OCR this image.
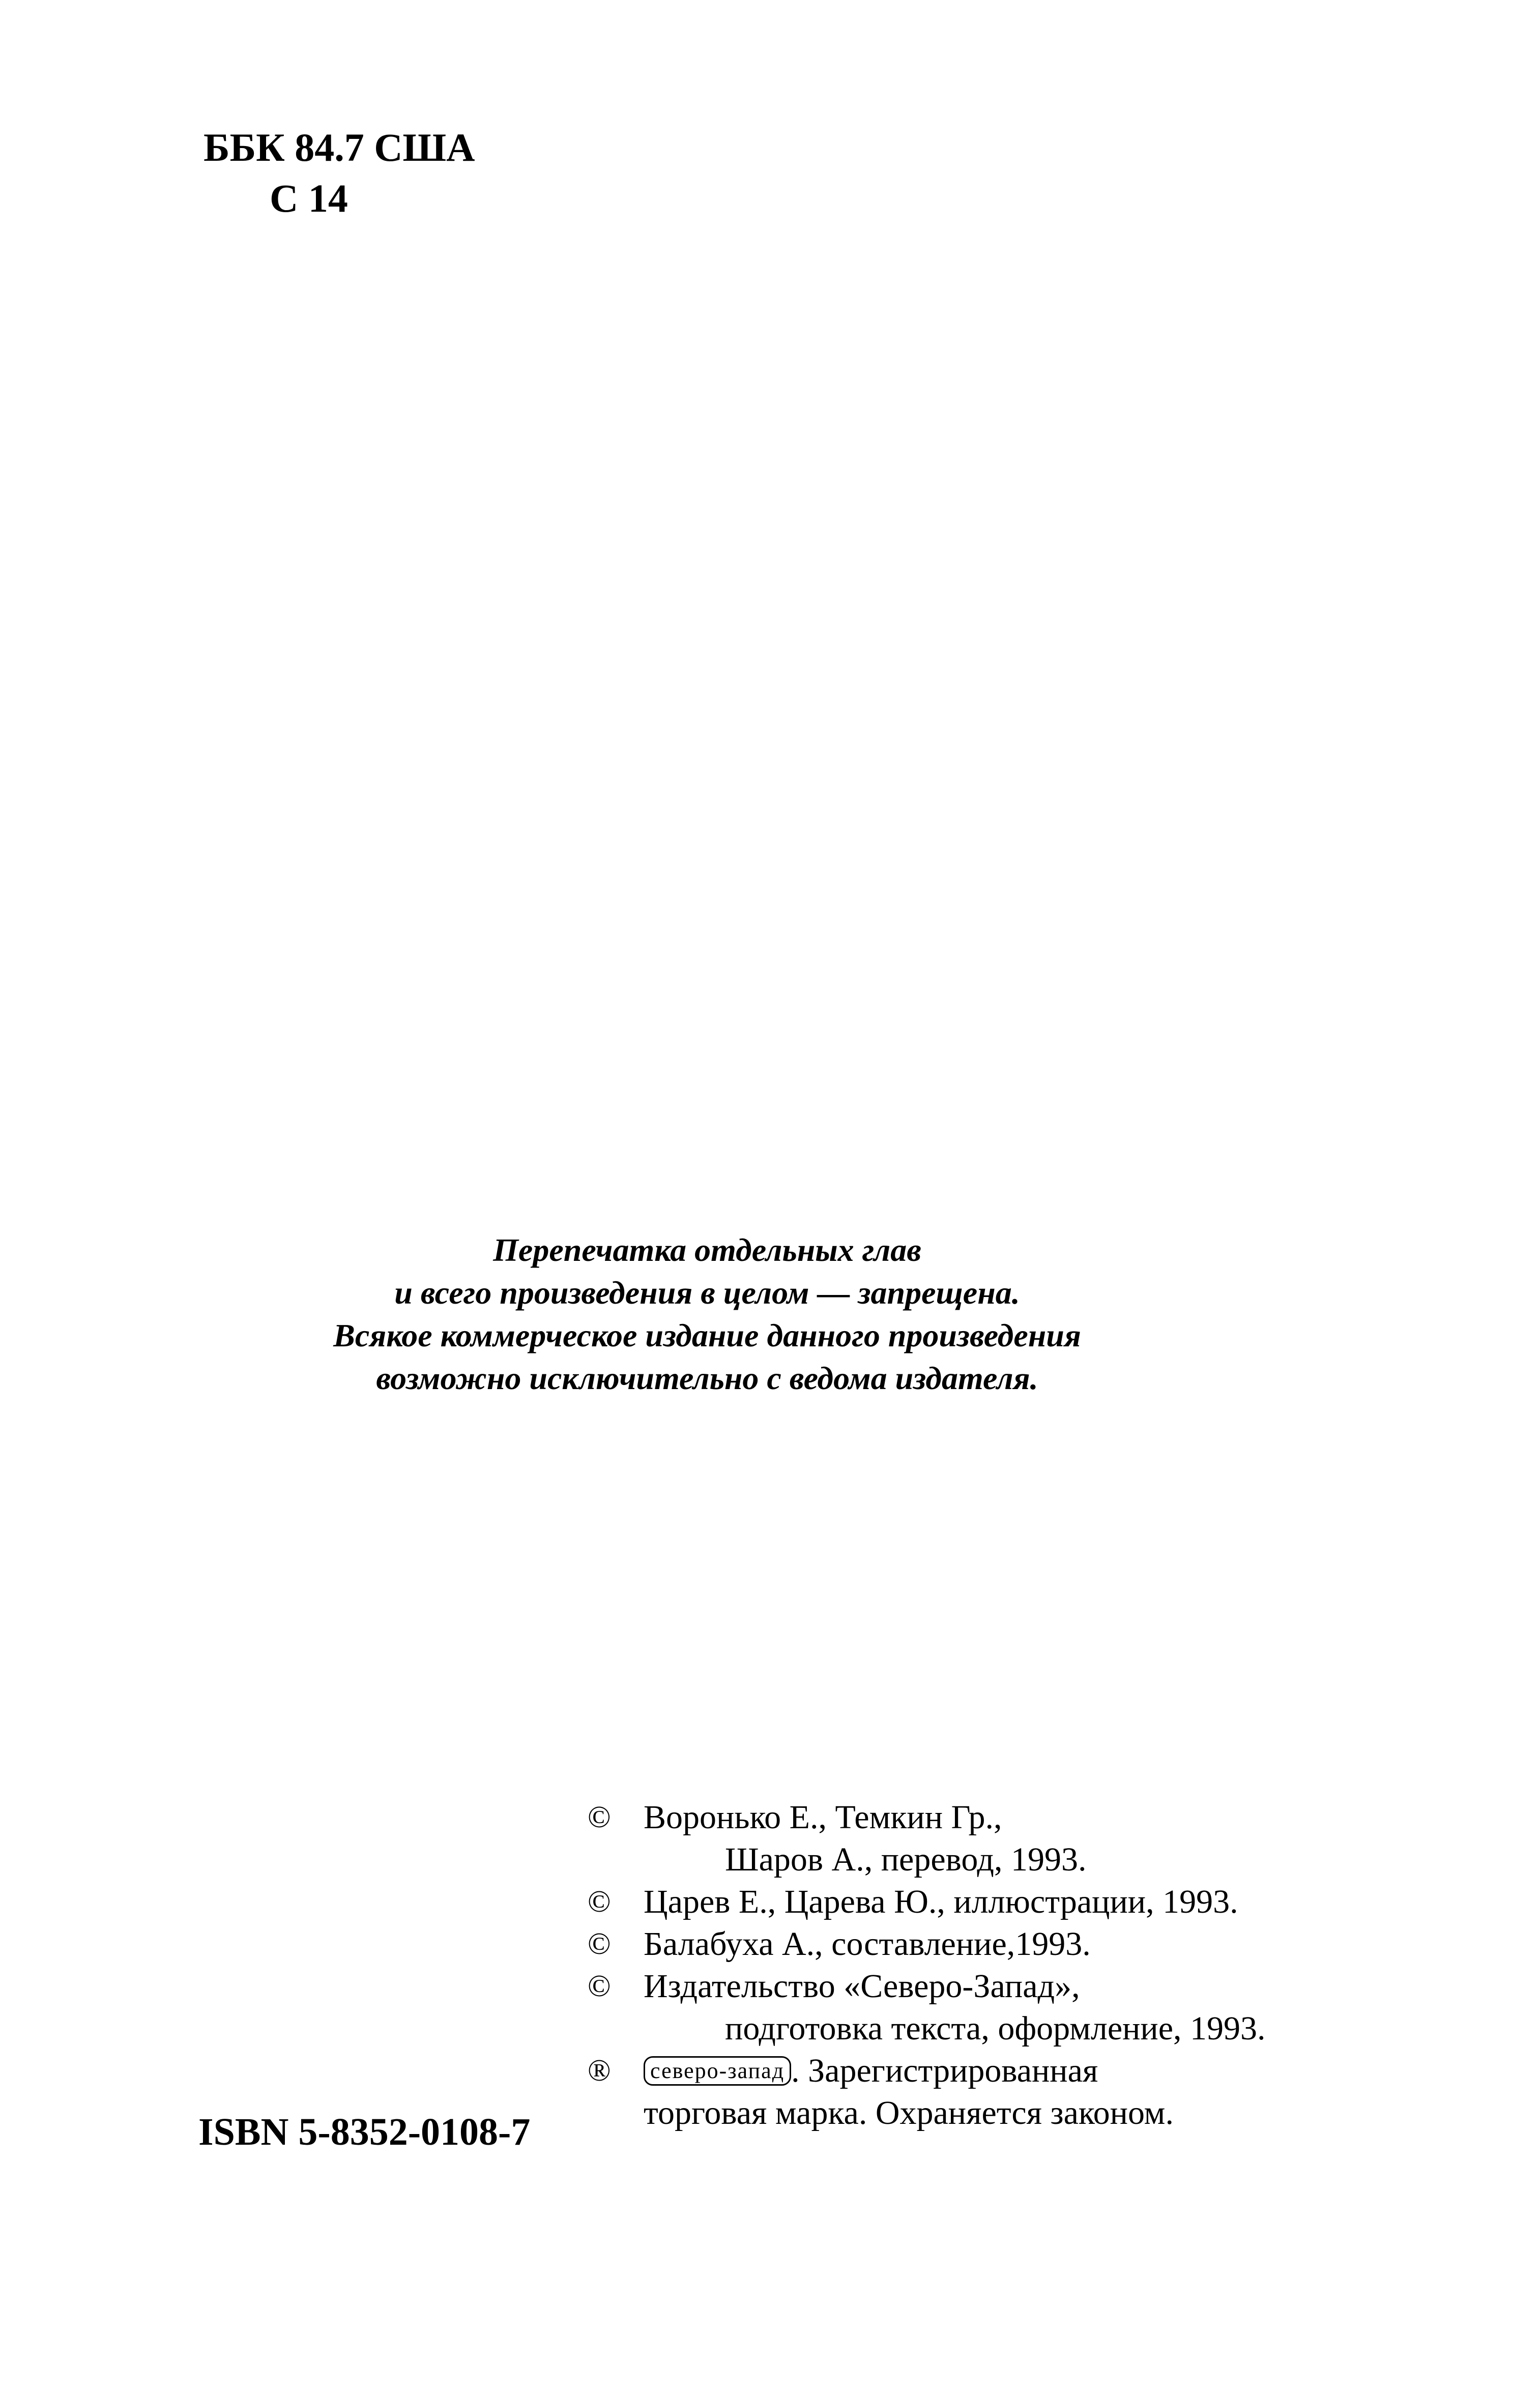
ББК 84.7 США
С 14
Перепечатка отдельных глав
и всего произведения в целом — запрещена.
Всякое коммерческое издание данного произведения
возможно исключительно с ведома издателя.
© Воронько Е., Темкин Гр.,
Шаров А., перевод, 1993.
© Царев Е., Царева Ю., иллюстрации, 1993.
© Балабуха А., составление,1993.
© Издательство «Северо-Запад»,
подготовка текста, оформление, 1993.
® северо-запад . Зарегистрированная
торговая марка. Охраняется законом.
ISBN 5-8352-0108-7
